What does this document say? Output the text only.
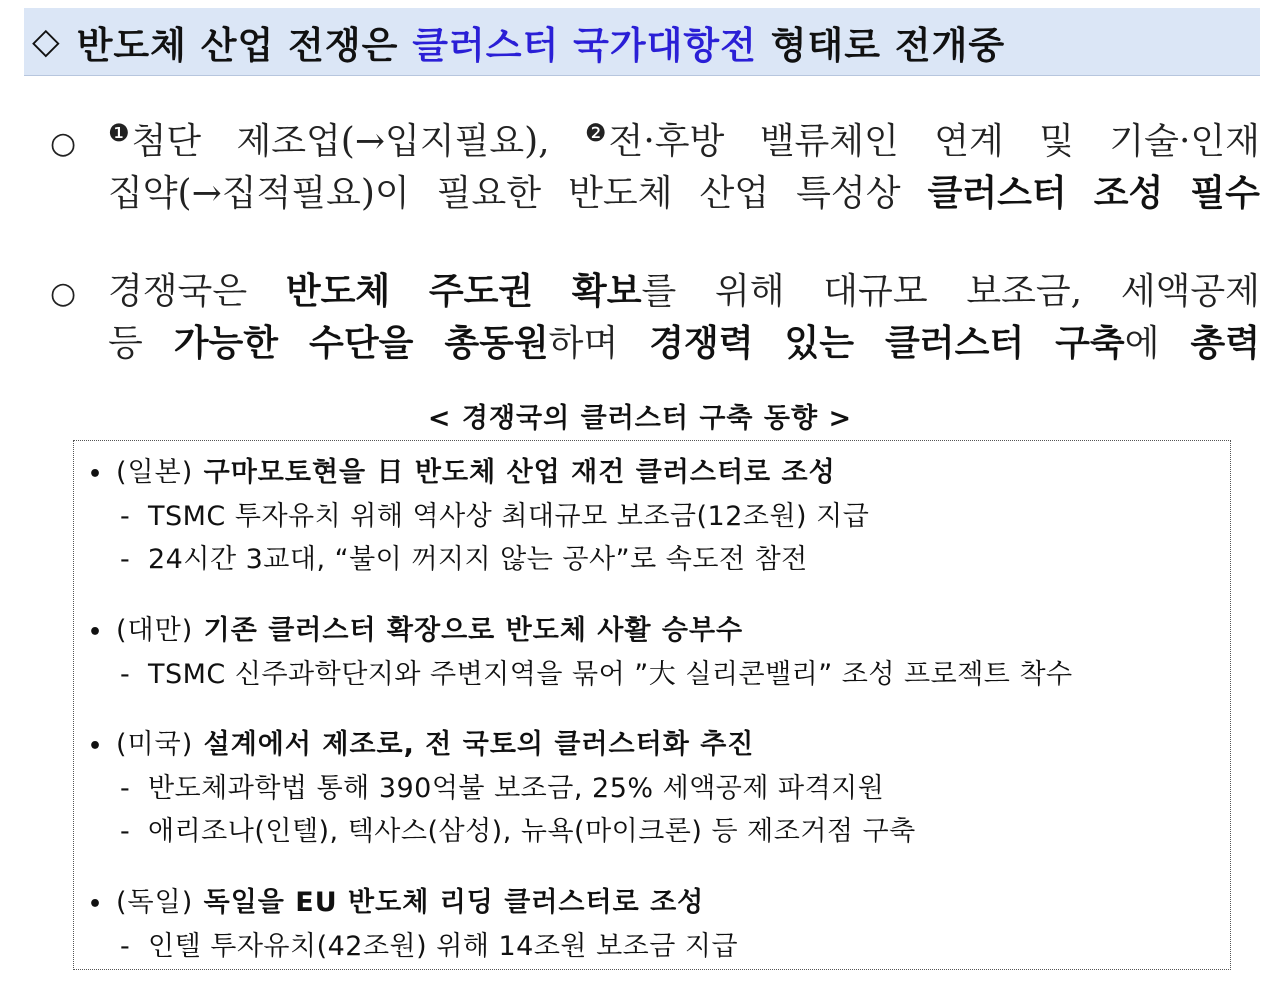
◇ 반도체 산업 전쟁은
클러스터 국가대항전
형태로 전개중
○	$^❶$첨단 제조업(→입지필요), $^❷$전·후방 밸류체인 연계 및 기술·인재
집약(→집적필요)이 필요한 반도체 산업 특성상 클러스터 조성 필수
○ 경쟁국은 반도체 주도권 확보를 위해 대규모 보조금, 세액공제
등 가능한 수단을 총동원하며 경쟁력 있는 클러스터 구축에 총력
< 경쟁국의 클러스터 구축 동향 >
• (일본) 구마모토현을 日 반도체 산업 재건 클러스터로 조성
- TSMC 투자유치 위해 역사상 최대규모 보조금(12조원) 지급
- 24시간 3교대, “불이 꺼지지 않는 공사”로 속도전 참전
• (대만) 기존 클러스터 확장으로 반도체 사활 승부수
- TSMC 신주과학단지와 주변지역을 묶어 ”大 실리콘밸리” 조성 프로젝트 착수
• (미국) 설계에서 제조로, 전 국토의 클러스터화 추진
- 반도체과학법 통해 390억불 보조금, 25% 세액공제 파격지원
- 애리조나(인텔), 텍사스(삼성), 뉴욕(마이크론) 등 제조거점 구축
• (독일) 독일을 EU 반도체 리딩 클러스터로 조성
- 인텔 투자유치(42조원) 위해 14조원 보조금 지급
